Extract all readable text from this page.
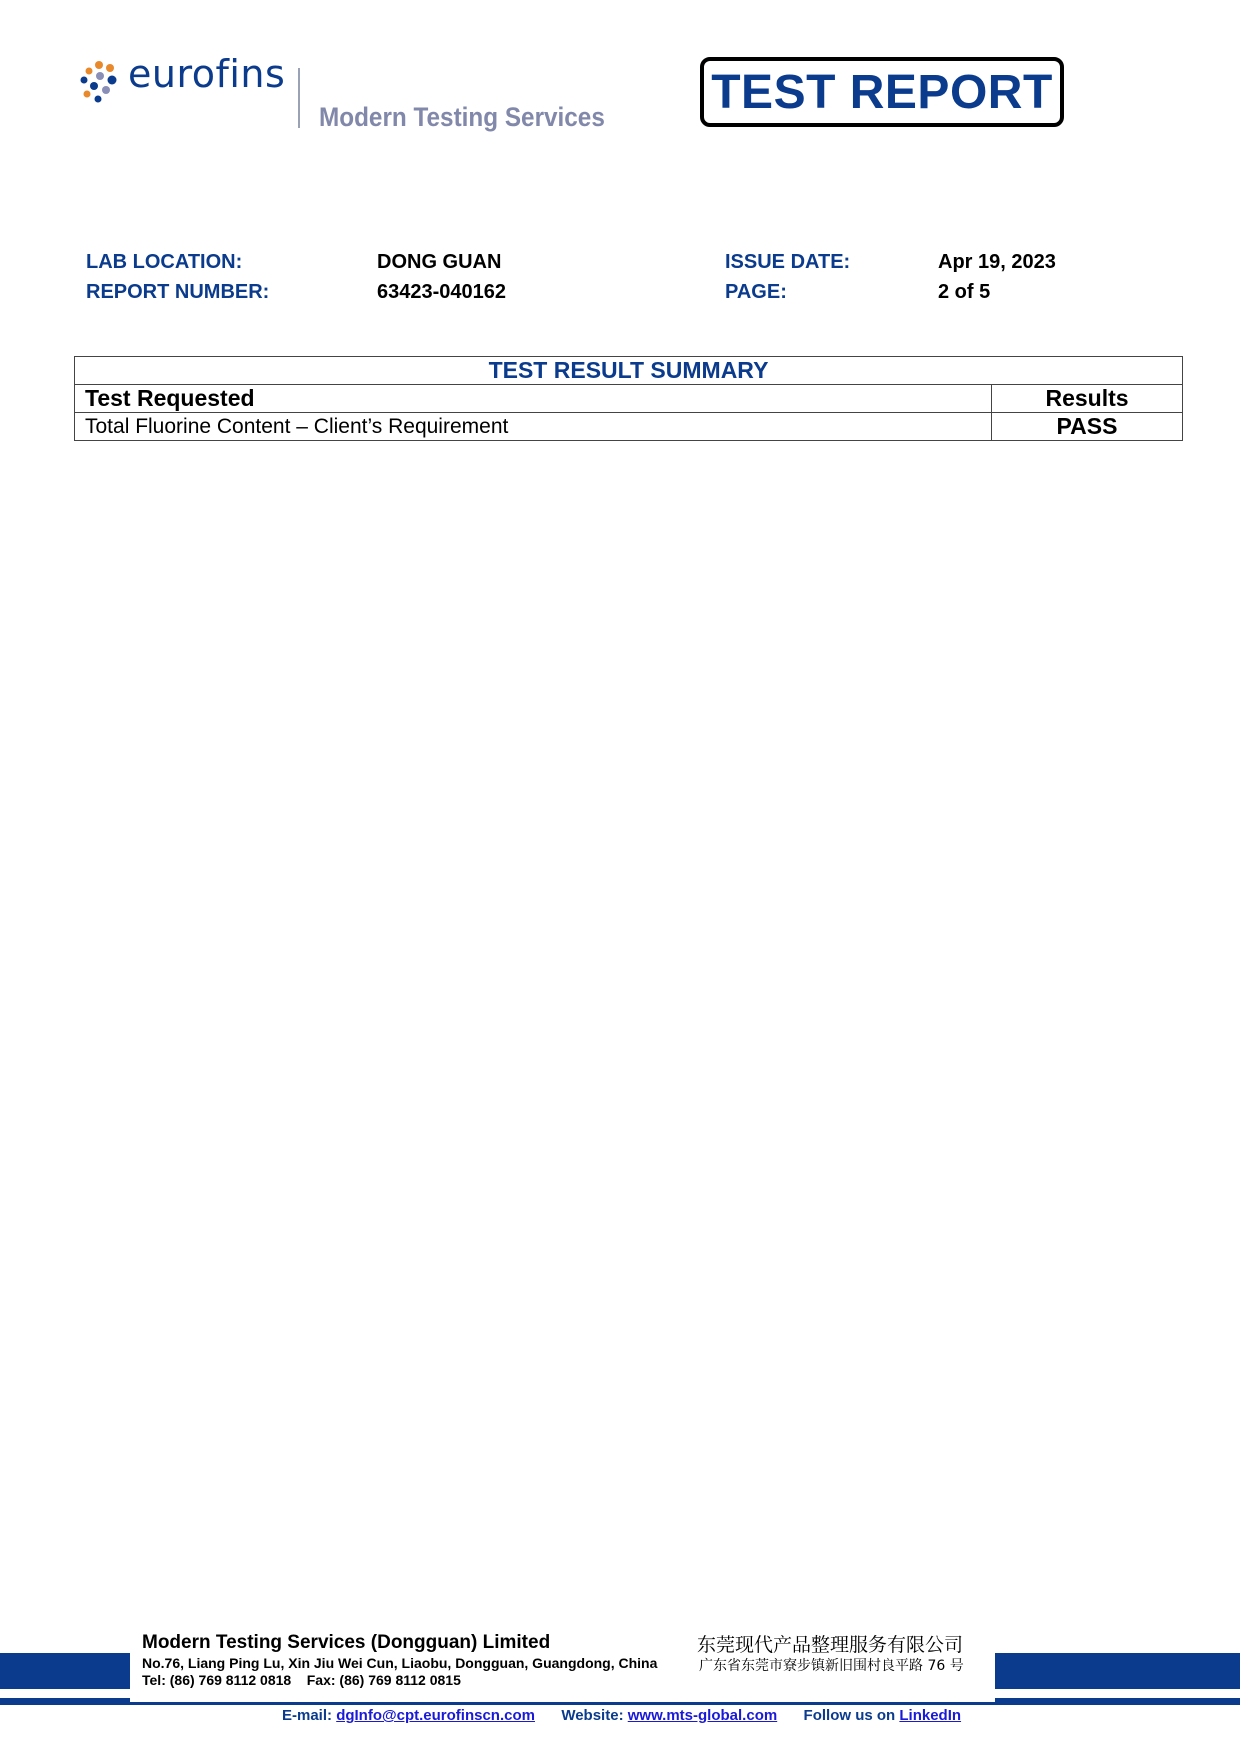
eurofins
Modern Testing Services TEST REPORT
LAB LOCATION:	DONG GUAN
REPORT NUMBER:	63423-040162
ISSUE DATE:	Apr 19, 2023
PAGE:	2 of 5
TEST RESULT SUMMARY	
Test Requested	Results
Total Fluorine Content – Client’s Requirement	PASS
Modern Testing Services (Dongguan) Limited
No.76, Liang Ping Lu, Xin Jiu Wei Cun, Liaobu, Dongguan, Guangdong, China
Tel: (86) 769 8112 0818    Fax: (86) 769 8112 0815
东莞现代产品整理服务有限公司
广东省东莞市寮步镇新旧围村良平路 76 号
E-mail: dgInfo@cpt.eurofinscn.com Website: www.mts-global.com Follow us on LinkedIn
